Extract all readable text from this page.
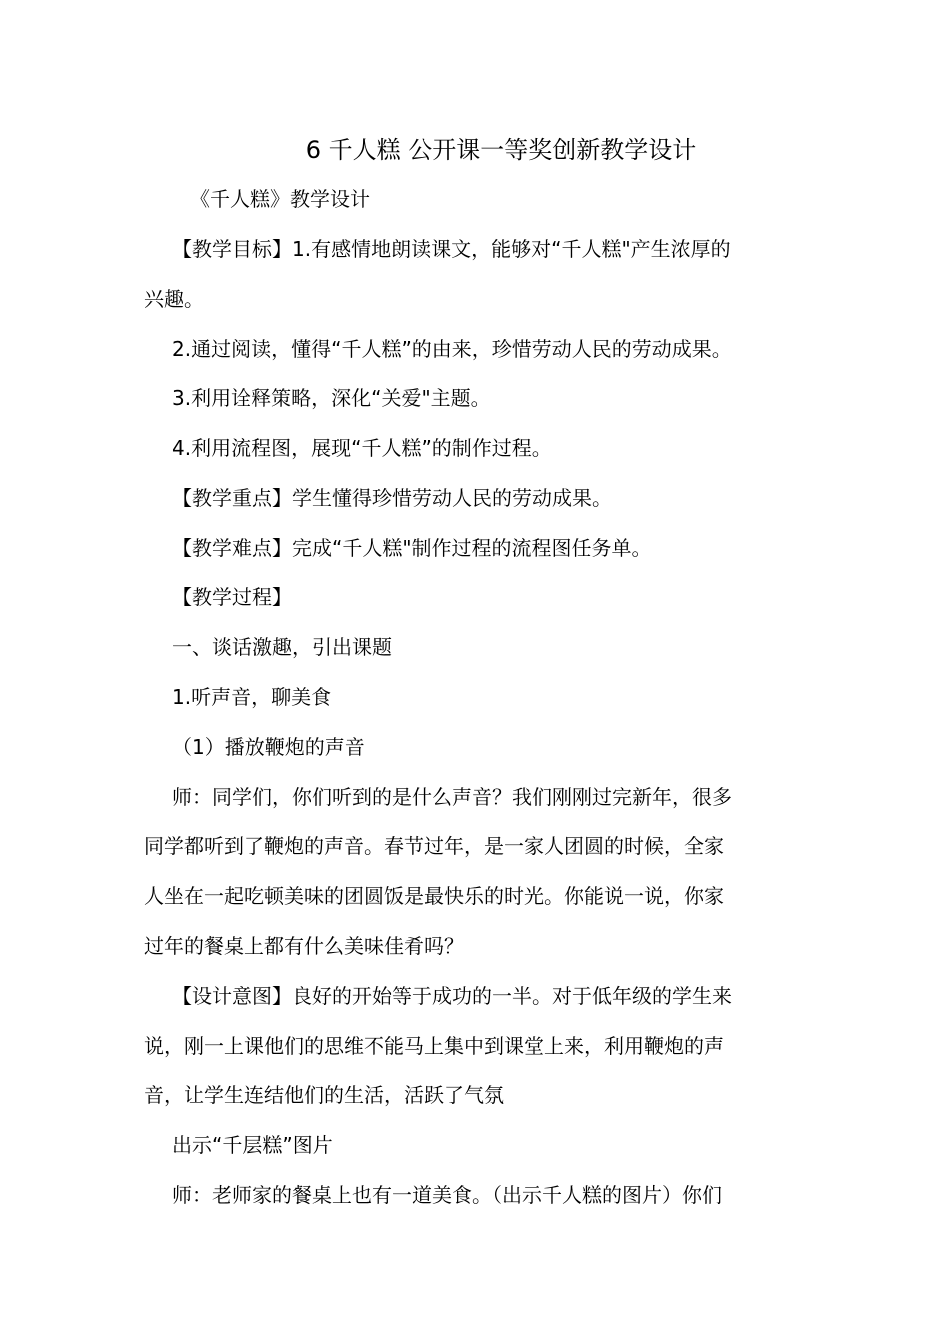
6 千人糕 公开课一等奖创新教学设计
《千人糕》教学设计
【教学目标】1.有感情地朗读课文，能够对“千人糕"产生浓厚的
兴趣。
2.通过阅读，懂得“千人糕”的由来，珍惜劳动人民的劳动成果。
3.利用诠释策略，深化“关爱"主题。
4.利用流程图，展现“千人糕”的制作过程。
【教学重点】学生懂得珍惜劳动人民的劳动成果。
【教学难点】完成“千人糕"制作过程的流程图任务单。
【教学过程】
一、谈话激趣，引出课题
1.听声音，聊美食
（1）播放鞭炮的声音
师：同学们，你们听到的是什么声音？我们刚刚过完新年，很多
同学都听到了鞭炮的声音。春节过年，是一家人团圆的时候，全家
人坐在一起吃顿美味的团圆饭是最快乐的时光。你能说一说，你家
过年的餐桌上都有什么美味佳肴吗？
【设计意图】良好的开始等于成功的一半。对于低年级的学生来
说，刚一上课他们的思维不能马上集中到课堂上来，利用鞭炮的声
音，让学生连结他们的生活，活跃了气氛
出示“千层糕”图片
师：老师家的餐桌上也有一道美食。（出示千人糕的图片）你们
